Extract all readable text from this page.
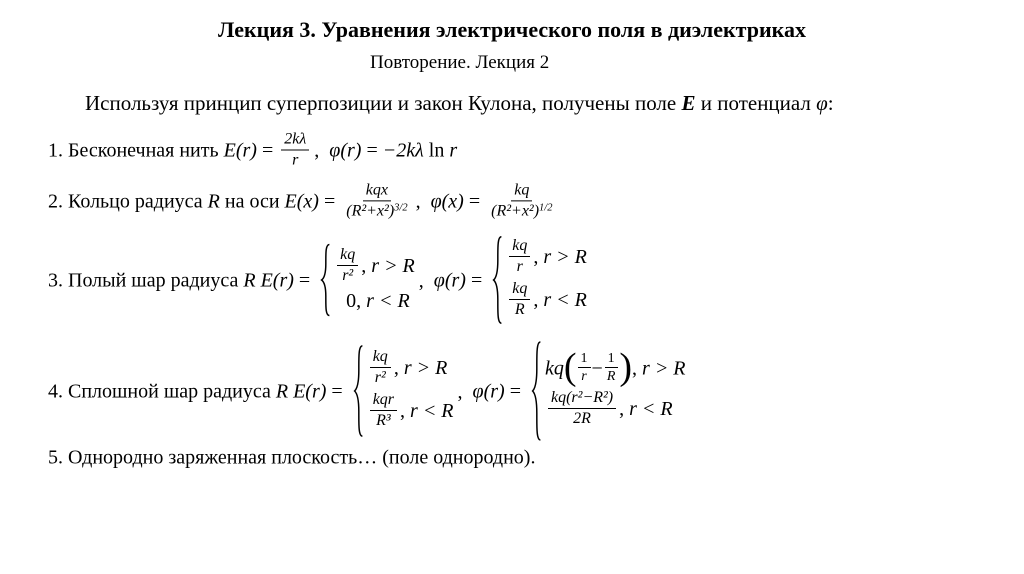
Лекция 3. Уравнения электрического поля в диэлектриках
Повторение. Лекция 2
Используя принцип суперпозиции и закон Кулона, получены поле E и потенциал φ:
1. Бесконечная нить $E(r) = \frac{2k\lambda}{r}$ , φ(r) = −2kλ ln r
2. Кольцо радиуса R на оси $E(x) = \frac{\text{kqx}}{(R^2+x^2)^{3/2}}$ , $\varphi(x) = \frac{kq}{(R^2+x^2)^{1/2}}$
3. Полый шар радиуса R $E(r) = \frac{kq}{\text{r²}}$ , r > R
0, r < R
, φ(r) =
$\frac{kq}{r}$ , r > R
$\frac{kq}{R}$ , r < R
4. Сплошной шар радиуса R E(r) =
$\frac{kq}{\text{r²}}$ , r > R
$\frac{\text{kqr}}{\text{R³}}$ , r < R
, φ(r) =
$kq( \frac{1}{r} - \frac{1}{R}$ ), r > R
$\frac{\text{kq(r²−R²)}}{2R}$ , r < R
5. Однородно заряженная плоскость… (поле однородно).
